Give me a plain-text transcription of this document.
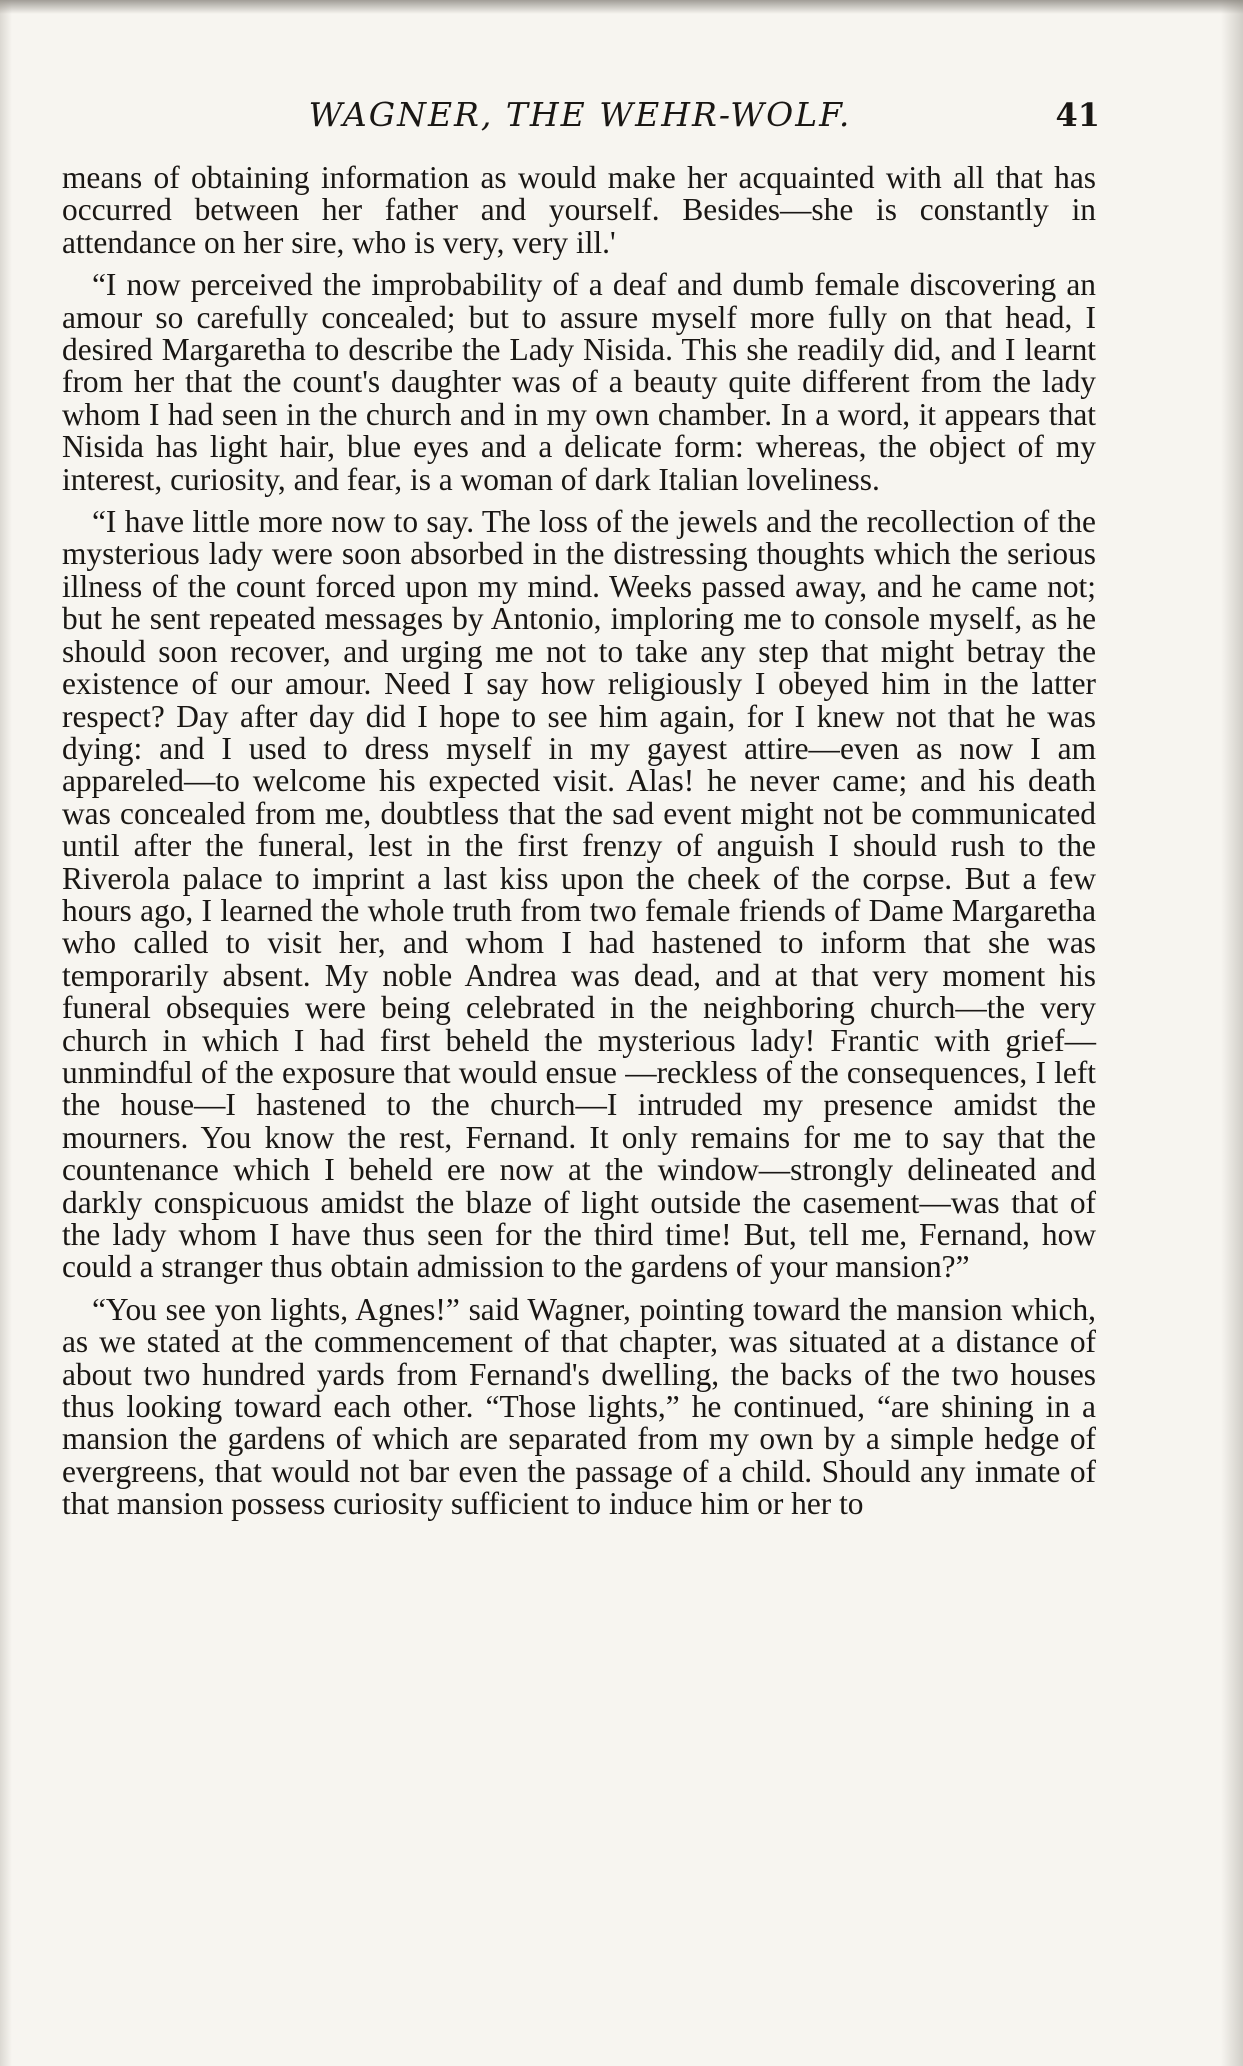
WAGNER, THE WEHR-WOLF.	41

means of obtaining information as would make her acquainted with all that has occurred between her father and yourself. Besides—she is constantly in attendance on her sire, who is very, very ill.'

“I now perceived the improbability of a deaf and dumb female discovering an amour so carefully concealed; but to assure myself more fully on that head, I desired Margaretha to describe the Lady Nisida. This she readily did, and I learnt from her that the count's daughter was of a beauty quite different from the lady whom I had seen in the church and in my own chamber. In a word, it appears that Nisida has light hair, blue eyes and a delicate form: whereas, the object of my interest, curiosity, and fear, is a woman of dark Italian loveliness.

“I have little more now to say. The loss of the jewels and the recollection of the mysterious lady were soon absorbed in the distressing thoughts which the serious illness of the count forced upon my mind. Weeks passed away, and he came not; but he sent repeated messages by Antonio, imploring me to console myself, as he should soon recover, and urging me not to take any step that might betray the existence of our amour. Need I say how religiously I obeyed him in the latter respect? Day after day did I hope to see him again, for I knew not that he was dying: and I used to dress myself in my gayest attire—even as now I am appareled—to welcome his expected visit. Alas! he never came; and his death was concealed from me, doubtless that the sad event might not be communicated until after the funeral, lest in the first frenzy of anguish I should rush to the Riverola palace to imprint a last kiss upon the cheek of the corpse. But a few hours ago, I learned the whole truth from two female friends of Dame Margaretha who called to visit her, and whom I had hastened to inform that she was temporarily absent. My noble Andrea was dead, and at that very moment his funeral obsequies were being celebrated in the neighboring church—the very church in which I had first beheld the mysterious lady! Frantic with grief—unmindful of the exposure that would ensue —reckless of the consequences, I left the house—I hastened to the church—I intruded my presence amidst the mourners. You know the rest, Fernand. It only remains for me to say that the countenance which I beheld ere now at the window—strongly delineated and darkly conspicuous amidst the blaze of light outside the casement—was that of the lady whom I have thus seen for the third time! But, tell me, Fernand, how could a stranger thus obtain admission to the gardens of your mansion?”

“You see yon lights, Agnes!” said Wagner, pointing toward the mansion which, as we stated at the commencement of that chapter, was situated at a distance of about two hundred yards from Fernand's dwelling, the backs of the two houses thus looking toward each other. “Those lights,” he continued, “are shining in a mansion the gardens of which are separated from my own by a simple hedge of evergreens, that would not bar even the passage of a child. Should any inmate of that mansion possess curiosity sufficient to induce him or her to
